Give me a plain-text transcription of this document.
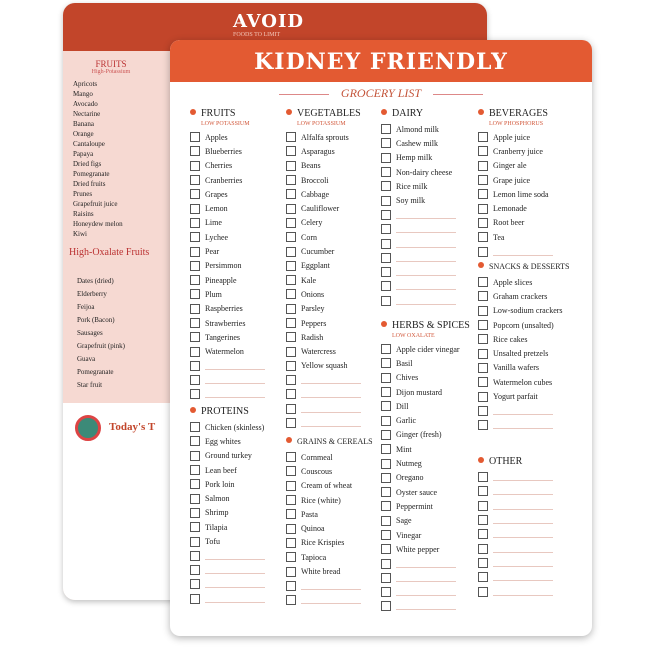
AVOID
FOODS TO LIMIT
Today's T
FRUITS
High-Potassium
Apricots
Mango
Avocado
Nectarine
Banana
Orange
Cantaloupe
Papaya
Dried figs
Pomegranate
Dried fruits
Prunes
Grapefruit juice
Raisins
Honeydew melon
Kiwi
High-Oxalate Fruits
Dates (dried)
Elderberry
Feijoa
Pork (Bacon)
Sausages
Grapefruit (pink)
Guava
Pomegranate
Star fruit
KIDNEY FRIENDLY
GROCERY LIST
FRUITS
LOW POTASSIUM
Apples
Blueberries
Cherries
Cranberries
Grapes
Lemon
Lime
Lychee
Pear
Persimmon
Pineapple
Plum
Raspberries
Strawberries
Tangerines
Watermelon
PROTEINS
Chicken (skinless)
Egg whites
Ground turkey
Lean beef
Pork loin
Salmon
Shrimp
Tilapia
Tofu
VEGETABLES
LOW POTASSIUM
Alfalfa sprouts
Asparagus
Beans
Broccoli
Cabbage
Cauliflower
Celery
Corn
Cucumber
Eggplant
Kale
Onions
Parsley
Peppers
Radish
Watercress
Yellow squash
GRAINS & CEREALS
Cornmeal
Couscous
Cream of wheat
Rice (white)
Pasta
Quinoa
Rice Krispies
Tapioca
White bread
DAIRY
Almond milk
Cashew milk
Hemp milk
Non-dairy cheese
Rice milk
Soy milk
HERBS & SPICES
LOW OXALATE
Apple cider vinegar
Basil
Chives
Dijon mustard
Dill
Garlic
Ginger (fresh)
Mint
Nutmeg
Oregano
Oyster sauce
Peppermint
Sage
Vinegar
White pepper
BEVERAGES
LOW PHOSPHORUS
Apple juice
Cranberry juice
Ginger ale
Grape juice
Lemon lime soda
Lemonade
Root beer
Tea
SNACKS & DESSERTS
Apple slices
Graham crackers
Low-sodium crackers
Popcorn (unsalted)
Rice cakes
Unsalted pretzels
Vanilla wafers
Watermelon cubes
Yogurt parfait
OTHER
